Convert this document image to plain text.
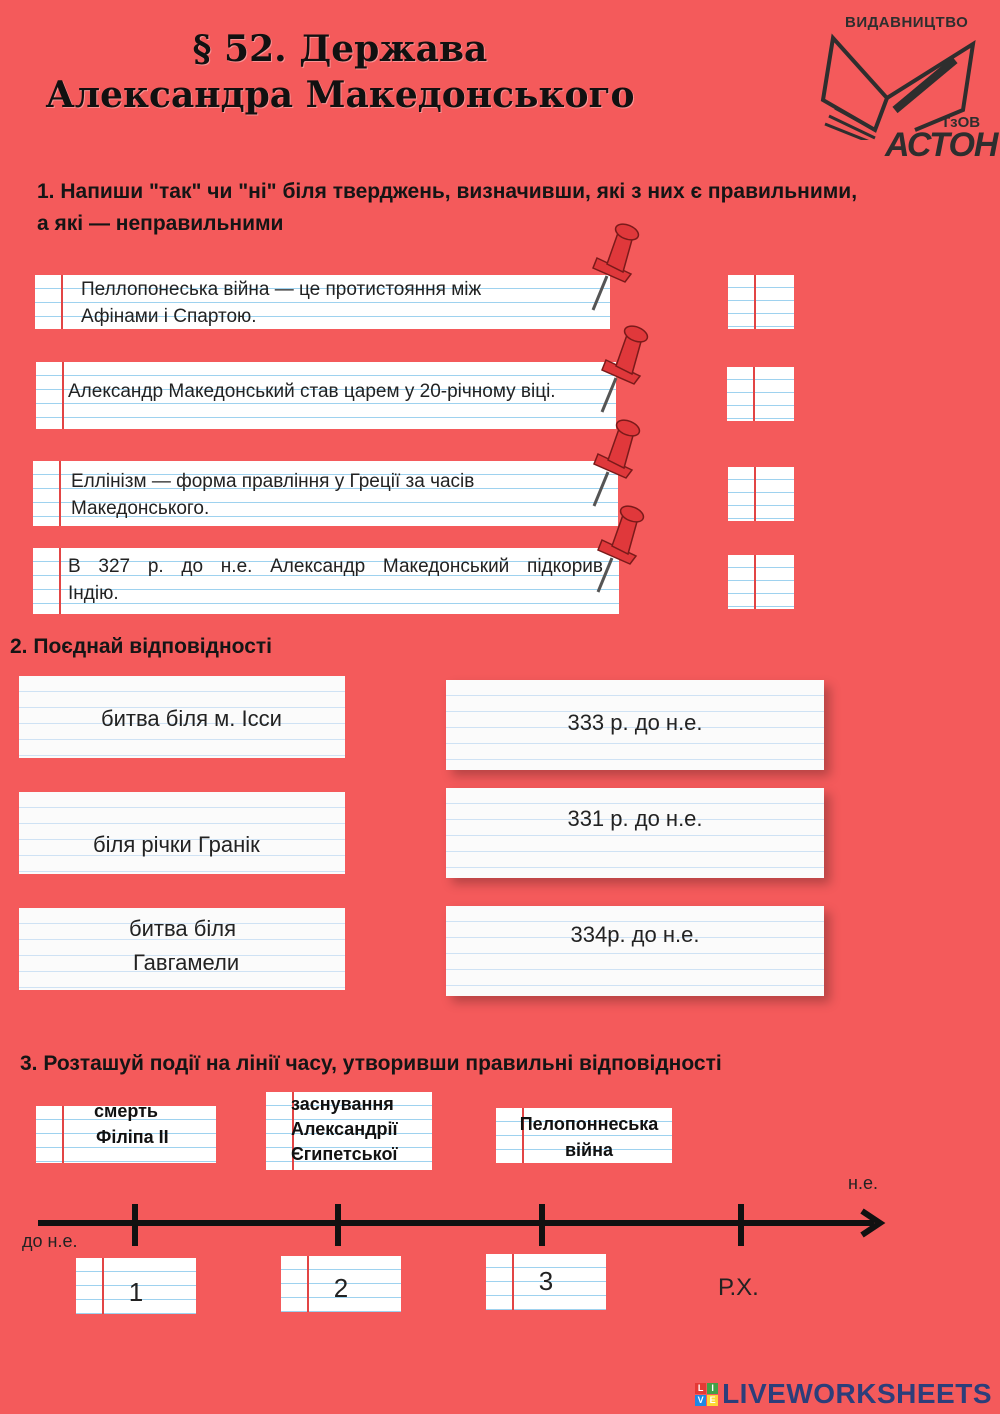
§ 52. Держава
Александра Македонського
ВИДАВНИЦТВО
ТзОВ
АСТОН
1. Напиши "так" чи "ні" біля тверджень, визначивши, які з них є правильними,
а які — неправильними
Пеллопонеська війна — це протистояння між
Афінами і Спартою.
Александр Македонський став царем у 20-річному віці.
Еллінізм — форма правління у Греції за часів
Македонського.
В 327 р. до н.е. Александр Македонський підкорив
Індію.
2. Поєднай відповідності
битва біля м. Ісси
біля річки Гранік
битва біля
Гавгамели
333 р. до н.е.
331 р. до н.е.
334р. до н.е.
3. Розташуй події на лінії часу, утворивши правильні відповідності
смерть
Філіпа ІІ
заснування
Александрії
Єгипетської
Пелопоннеська
війна
н.е.
до н.е.
1	2	3	Р.Х.
L I
V E LIVEWORKSHEETS
